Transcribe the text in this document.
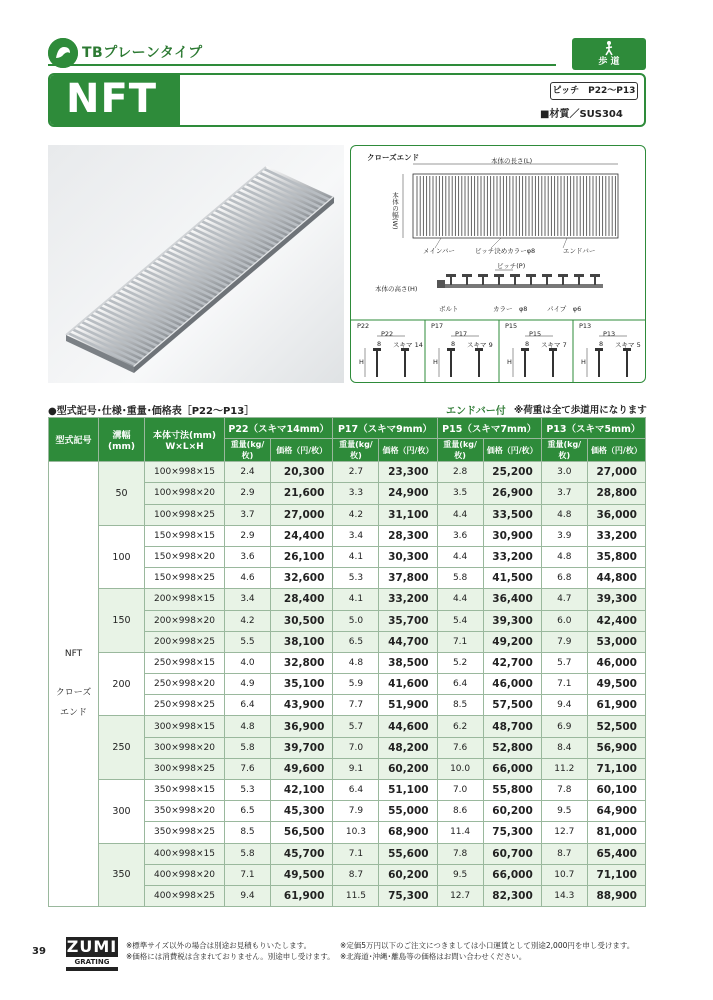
TBプレーンタイプ
歩 道
NFT	ピッチ　P22〜P13
■材質／SUS304
クローズエンド	本体の長さ(L)
本体の幅(W)
メインバー	ピッチ決めカラーφ8	エンドバー
ピッチ(P)
本体の高さ(H)
ボルト	カラー　φ8	パイプ　φ6
P22
P22
8 スキマ 14
H
P17
P17
8 スキマ 9
H
P15
P15
8 スキマ 7
H
P13
P13
8 スキマ 5
H
●型式記号･仕様･重量･価格表［P22〜P13］	エンドバー付 ※荷重は全て歩道用になります
型式記号	溝幅
(mm)	本体寸法(mm)
W×L×H	P22（スキマ14mm）		P17（スキマ9mm）		P15（スキマ7mm）		P13（スキマ5mm）	
			重量(kg/枚)	価格（円/枚）	重量(kg/枚)	価格（円/枚）	重量(kg/枚)	価格（円/枚）	重量(kg/枚)	価格（円/枚）
NFT

クローズ
エンド	50	100×998×15	2.4	20,300	2.7	23,300	2.8	25,200	3.0	27,000
		100×998×20	2.9	21,600	3.3	24,900	3.5	26,900	3.7	28,800
		100×998×25	3.7	27,000	4.2	31,100	4.4	33,500	4.8	36,000
	100	150×998×15	2.9	24,400	3.4	28,300	3.6	30,900	3.9	33,200
		150×998×20	3.6	26,100	4.1	30,300	4.4	33,200	4.8	35,800
		150×998×25	4.6	32,600	5.3	37,800	5.8	41,500	6.8	44,800
	150	200×998×15	3.4	28,400	4.1	33,200	4.4	36,400	4.7	39,300
		200×998×20	4.2	30,500	5.0	35,700	5.4	39,300	6.0	42,400
		200×998×25	5.5	38,100	6.5	44,700	7.1	49,200	7.9	53,000
	200	250×998×15	4.0	32,800	4.8	38,500	5.2	42,700	5.7	46,000
		250×998×20	4.9	35,100	5.9	41,600	6.4	46,000	7.1	49,500
		250×998×25	6.4	43,900	7.7	51,900	8.5	57,500	9.4	61,900
	250	300×998×15	4.8	36,900	5.7	44,600	6.2	48,700	6.9	52,500
		300×998×20	5.8	39,700	7.0	48,200	7.6	52,800	8.4	56,900
		300×998×25	7.6	49,600	9.1	60,200	10.0	66,000	11.2	71,100
	300	350×998×15	5.3	42,100	6.4	51,100	7.0	55,800	7.8	60,100
		350×998×20	6.5	45,300	7.9	55,000	8.6	60,200	9.5	64,900
		350×998×25	8.5	56,500	10.3	68,900	11.4	75,300	12.7	81,000
	350	400×998×15	5.8	45,700	7.1	55,600	7.8	60,700	8.7	65,400
		400×998×20	7.1	49,500	8.7	60,200	9.5	66,000	10.7	71,100
		400×998×25	9.4	61,900	11.5	75,300	12.7	82,300	14.3	88,900
39 ZUMI
GRATING
※標準サイズ以外の場合は別途お見積もりいたします。
※価格には消費税は含まれておりません。別途申し受けます。
※定価5万円以下のご注文につきましては小口運賃として別途2,000円を申し受けます。
※北海道･沖縄･離島等の価格はお問い合わせください。
